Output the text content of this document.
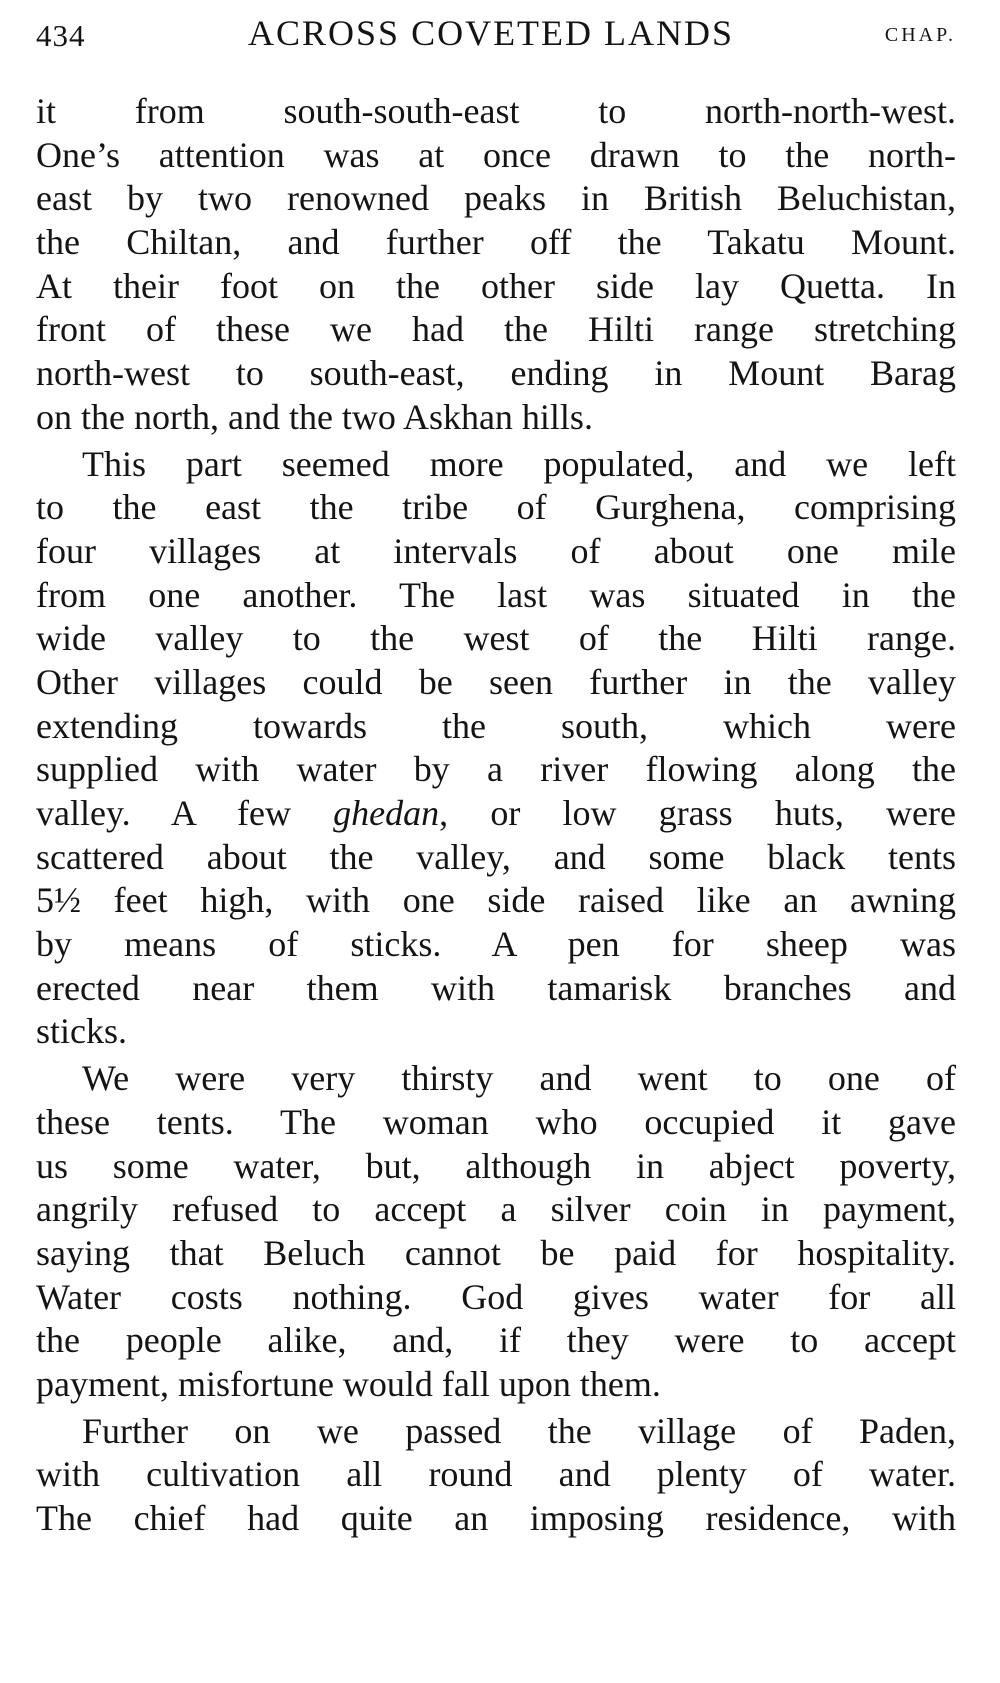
434	ACROSS COVETED LANDS	CHAP.
it from south-south-east to north-north-west.
One’s attention was at once drawn to the north-
east by two renowned peaks in British Beluchistan,
the Chiltan, and further off the Takatu Mount.
At their foot on the other side lay Quetta. In
front of these we had the Hilti range stretching
north-west to south-east, ending in Mount Barag
on the north, and the two Askhan hills.
This part seemed more populated, and we left
to the east the tribe of Gurghena, comprising
four villages at intervals of about one mile
from one another. The last was situated in the
wide valley to the west of the Hilti range.
Other villages could be seen further in the valley
extending towards the south, which were
supplied with water by a river flowing along the
valley. A few ghedan, or low grass huts, were
scattered about the valley, and some black tents
5½ feet high, with one side raised like an awning
by means of sticks. A pen for sheep was
erected near them with tamarisk branches and
sticks.
We were very thirsty and went to one of
these tents. The woman who occupied it gave
us some water, but, although in abject poverty,
angrily refused to accept a silver coin in payment,
saying that Beluch cannot be paid for hospitality.
Water costs nothing. God gives water for all
the people alike, and, if they were to accept
payment, misfortune would fall upon them.
Further on we passed the village of Paden,
with cultivation all round and plenty of water.
The chief had quite an imposing residence, with
